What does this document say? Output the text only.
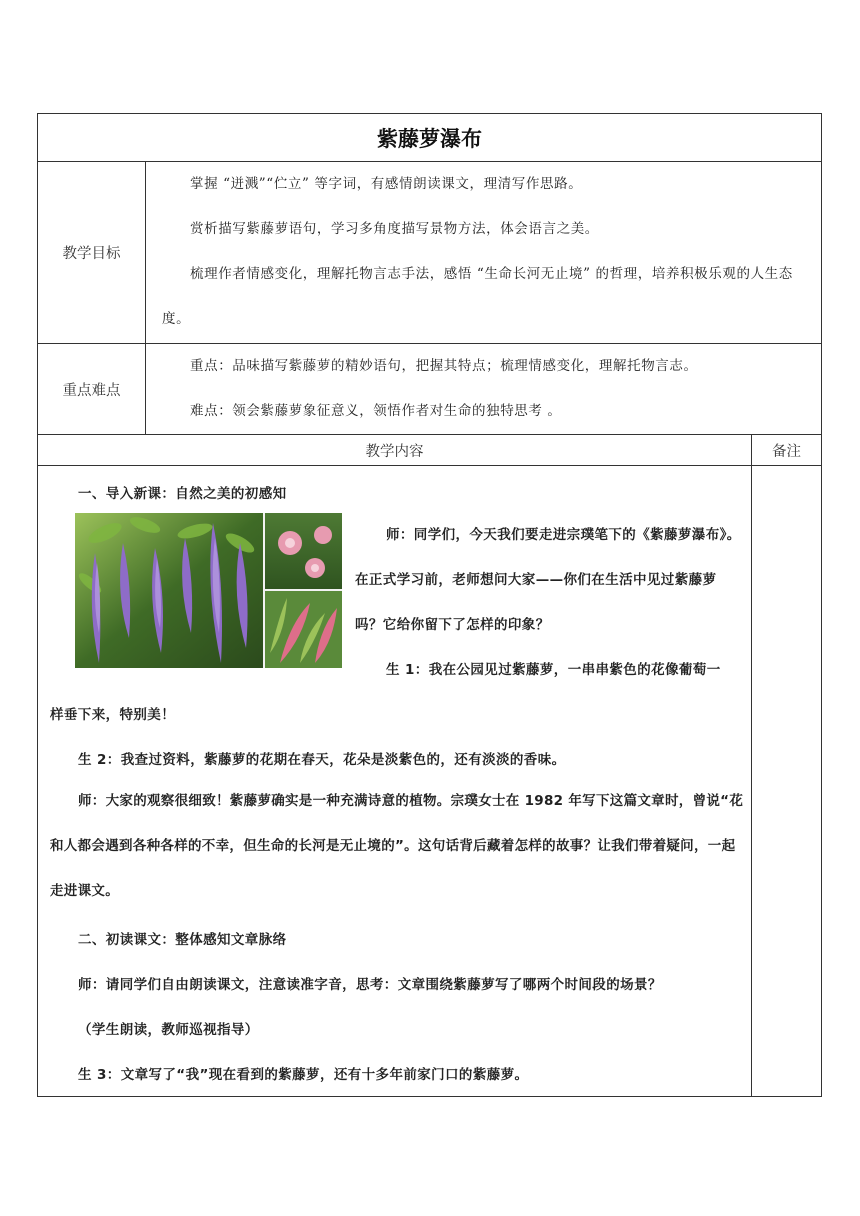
紫藤萝瀑布
教学目标

掌握 “迸溅”“伫立” 等字词，有感情朗读课文，理清写作思路。

赏析描写紫藤萝语句，学习多角度描写景物方法，体会语言之美。

梳理作者情感变化，理解托物言志手法，感悟 “生命长河无止境” 的哲理，培养积极乐观的人生态度。

重点难点

重点：品味描写紫藤萝的精妙语句，把握其特点；梳理情感变化，理解托物言志。

难点：领会紫藤萝象征意义，领悟作者对生命的独特思考 。

教学内容	备注
一、导入新课：自然之美的初感知
师：同学们，今天我们要走进宗璞笔下的《紫藤萝瀑布》。
在正式学习前，老师想问大家——你们在生活中见过紫藤萝
吗？它给你留下了怎样的印象？
生 1：我在公园见过紫藤萝，一串串紫色的花像葡萄一
样垂下来，特别美！
生 2：我查过资料，紫藤萝的花期在春天，花朵是淡紫色的，还有淡淡的香味。

师：大家的观察很细致！紫藤萝确实是一种充满诗意的植物。宗璞女士在 1982 年写下这篇文章时，曾说“花和人都会遇到各种各样的不幸，但生命的长河是无止境的”。这句话背后藏着怎样的故事？让我们带着疑问，一起走进课文。

二、初读课文：整体感知文章脉络
师：请同学们自由朗读课文，注意读准字音，思考：文章围绕紫藤萝写了哪两个时间段的场景？
（学生朗读，教师巡视指导）
生 3：文章写了“我”现在看到的紫藤萝，还有十多年前家门口的紫藤萝。
